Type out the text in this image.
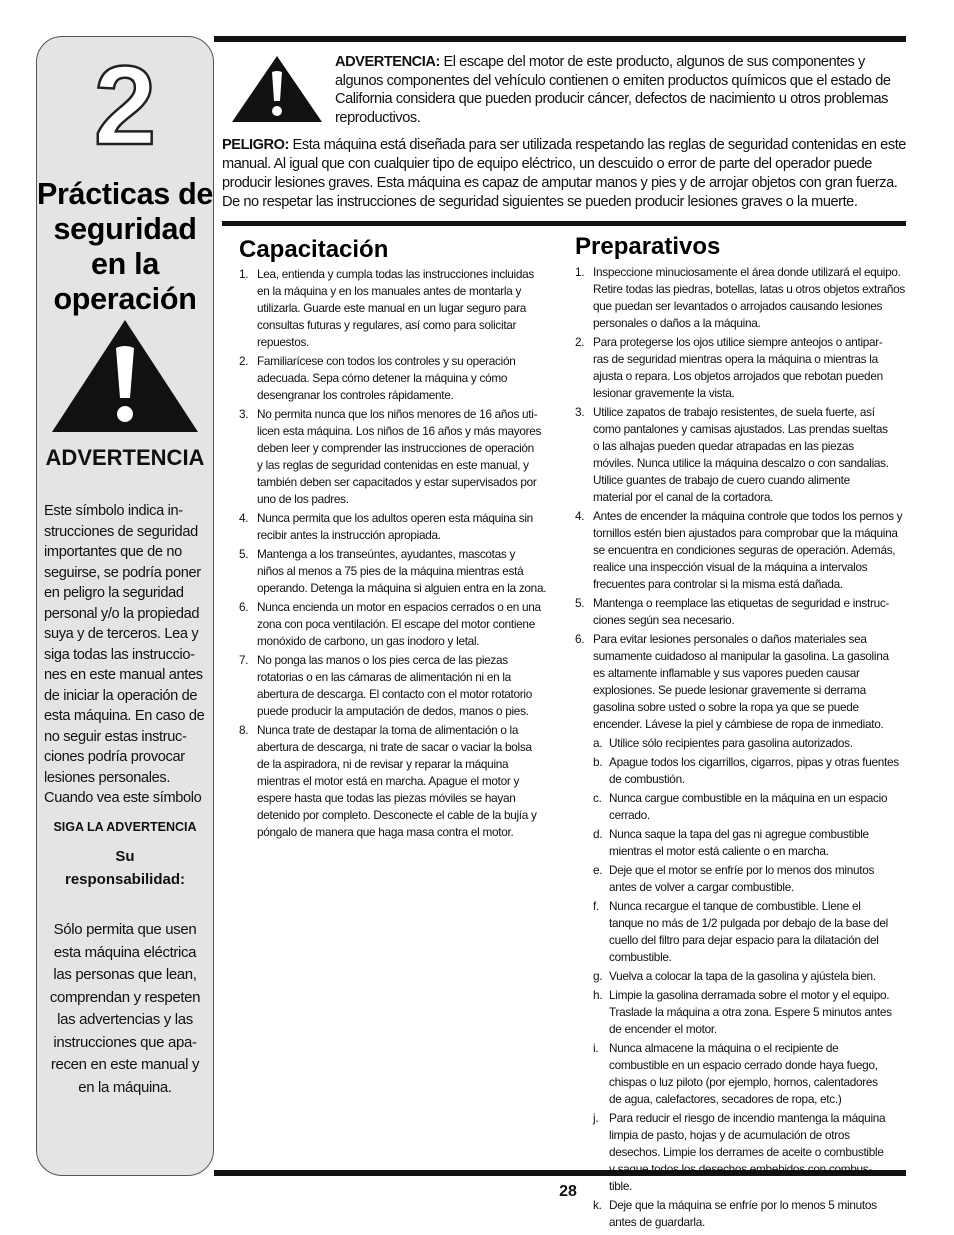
2
Prácticas de
seguridad
en la
operación
ADVERTENCIA
Este símbolo indica in-
strucciones de seguridad
importantes que de no
seguirse, se podría poner
en peligro la seguridad
personal y/o la propiedad
suya y de terceros. Lea y
siga todas las instruccio-
nes en este manual antes
de iniciar la operación de
esta máquina. En caso de
no seguir estas instruc-
ciones podría provocar
lesiones personales.
Cuando vea este símbolo
SIGA LA ADVERTENCIA
Su
responsabilidad:
Sólo permita que usen
esta máquina eléctrica
las personas que lean,
comprendan y respeten
las advertencias y las
instrucciones que apa-
recen en este manual y
en la máquina.
ADVERTENCIA: El escape del motor de este producto, algunos de sus componentes y
algunos componentes del vehículo contienen o emiten productos químicos que el estado de
California considera que pueden producir cáncer, defectos de nacimiento u otros problemas
reproductivos.
PELIGRO: Esta máquina está diseñada para ser utilizada respetando las reglas de seguridad contenidas en este
manual. Al igual que con cualquier tipo de equipo eléctrico, un descuido o error de parte del operador puede
producir lesiones graves. Esta máquina es capaz de amputar manos y pies y de arrojar objetos con gran fuerza.
De no respetar las instrucciones de seguridad siguientes se pueden producir lesiones graves o la muerte.
Capacitación
1. Lea, entienda y cumpla todas las instrucciones incluidas
en la máquina y en los manuales antes de montarla y
utilizarla. Guarde este manual en un lugar seguro para
consultas futuras y regulares, así como para solicitar
repuestos.
2. Familiarícese con todos los controles y su operación
adecuada. Sepa cómo detener la máquina y cómo
desengranar los controles rápidamente.
3. No permita nunca que los niños menores de 16 años uti-
licen esta máquina. Los niños de 16 años y más mayores
deben leer y comprender las instrucciones de operación
y las reglas de seguridad contenidas en este manual, y
también deben ser capacitados y estar supervisados por
uno de los padres.
4. Nunca permita que los adultos operen esta máquina sin
recibir antes la instrucción apropiada.
5. Mantenga a los transeúntes, ayudantes, mascotas y
niños al menos a 75 pies de la máquina mientras está
operando. Detenga la máquina si alguien entra en la zona.
6. Nunca encienda un motor en espacios cerrados o en una
zona con poca ventilación. El escape del motor contiene
monóxido de carbono, un gas inodoro y letal.
7. No ponga las manos o los pies cerca de las piezas
rotatorias o en las cámaras de alimentación ni en la
abertura de descarga. El contacto con el motor rotatorio
puede producir la amputación de dedos, manos o pies.
8. Nunca trate de destapar la toma de alimentación o la
abertura de descarga, ni trate de sacar o vaciar la bolsa
de la aspiradora, ni de revisar y reparar la máquina
mientras el motor está en marcha. Apague el motor y
espere hasta que todas las piezas móviles se hayan
detenido por completo. Desconecte el cable de la bujía y
póngalo de manera que haga masa contra el motor.
Preparativos
1. Inspeccione minuciosamente el área donde utilizará el equipo.
Retire todas las piedras, botellas, latas u otros objetos extraños
que puedan ser levantados o arrojados causando lesiones
personales o daños a la máquina.
2. Para protegerse los ojos utilice siempre anteojos o antipar-
ras de seguridad mientras opera la máquina o mientras la
ajusta o repara. Los objetos arrojados que rebotan pueden
lesionar gravemente la vista.
3. Utilice zapatos de trabajo resistentes, de suela fuerte, así
como pantalones y camisas ajustados. Las prendas sueltas
o las alhajas pueden quedar atrapadas en las piezas
móviles. Nunca utilice la máquina descalzo o con sandalias.
Utilice guantes de trabajo de cuero cuando alimente
material por el canal de la cortadora.
4. Antes de encender la máquina controle que todos los pernos y
tornillos estén bien ajustados para comprobar que la máquina
se encuentra en condiciones seguras de operación. Además,
realice una inspección visual de la máquina a intervalos
frecuentes para controlar si la misma está dañada.
5. Mantenga o reemplace las etiquetas de seguridad e instruc-
ciones según sea necesario.
6. Para evitar lesiones personales o daños materiales sea
sumamente cuidadoso al manipular la gasolina. La gasolina
es altamente inflamable y sus vapores pueden causar
explosiones. Se puede lesionar gravemente si derrama
gasolina sobre usted o sobre la ropa ya que se puede
encender. Lávese la piel y cámbiese de ropa de inmediato.
a. Utilice sólo recipientes para gasolina autorizados.
b. Apague todos los cigarrillos, cigarros, pipas y otras fuentes
de combustión.
c. Nunca cargue combustible en la máquina en un espacio
cerrado.
d. Nunca saque la tapa del gas ni agregue combustible
mientras el motor está caliente o en marcha.
e. Deje que el motor se enfríe por lo menos dos minutos
antes de volver a cargar combustible.
f. Nunca recargue el tanque de combustible. Llene el
tanque no más de 1/2 pulgada por debajo de la base del
cuello del filtro para dejar espacio para la dilatación del
combustible.
g. Vuelva a colocar la tapa de la gasolina y ajústela bien.
h. Limpie la gasolina derramada sobre el motor y el equipo.
Traslade la máquina a otra zona. Espere 5 minutos antes
de encender el motor.
i. Nunca almacene la máquina o el recipiente de
combustible en un espacio cerrado donde haya fuego,
chispas o luz piloto (por ejemplo, hornos, calentadores
de agua, calefactores, secadores de ropa, etc.)
j. Para reducir el riesgo de incendio mantenga la máquina
limpia de pasto, hojas y de acumulación de otros
desechos. Limpie los derrames de aceite o combustible
y saque todos los desechos embebidos con combus-
tible.
k. Deje que la máquina se enfríe por lo menos 5 minutos
antes de guardarla.
28
